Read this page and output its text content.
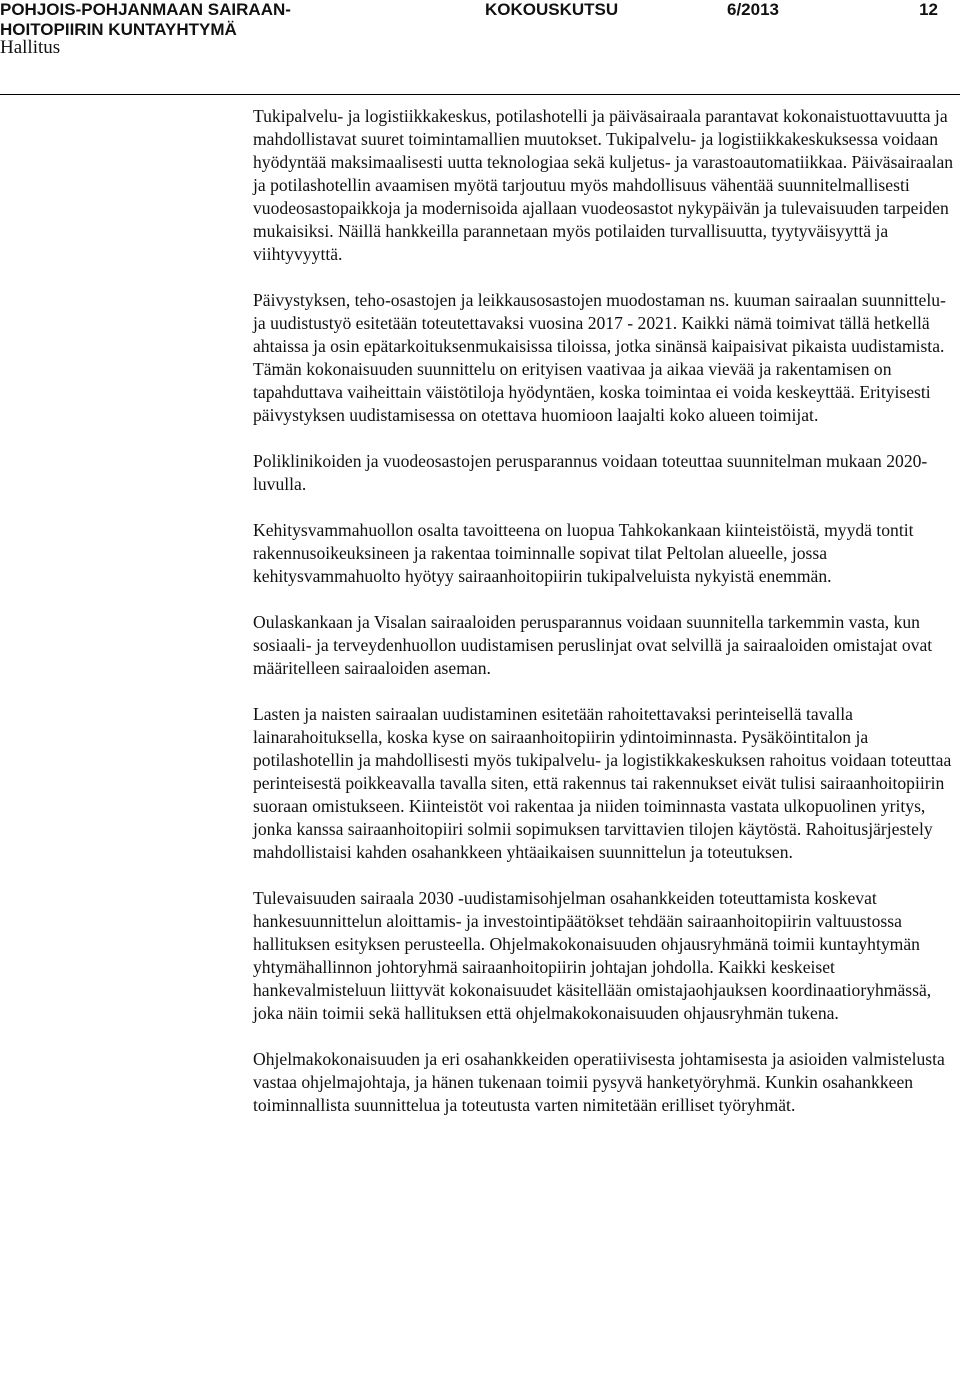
POHJOIS-POHJANMAAN SAIRAAN-
HOITOPIIRIN KUNTAYHTYMÄ
KOKOUSKUTSU	6/2013	12
Hallitus

Tukipalvelu- ja logistiikkakeskus, potilashotelli ja päiväsairaala parantavat kokonaistuottavuutta ja mahdollistavat suuret toimintamallien muutokset. Tukipalvelu- ja logistiikkakeskuksessa voidaan hyödyntää maksimaalisesti uutta teknologiaa sekä kuljetus- ja varastoautomatiikkaa. Päiväsairaalan ja potilashotellin avaamisen myötä tarjoutuu myös mahdollisuus vähentää suunnitelmallisesti vuodeosastopaikkoja ja modernisoida ajallaan vuodeosastot nykypäivän ja tulevaisuuden tarpeiden mukaisiksi. Näillä hankkeilla parannetaan myös potilaiden turvallisuutta, tyytyväisyyttä ja viihtyvyyttä.

Päivystyksen, teho-osastojen ja leikkausosastojen muodostaman ns. kuuman sairaalan suunnittelu- ja uudistustyö esitetään toteutettavaksi vuosina 2017 - 2021. Kaikki nämä toimivat tällä hetkellä ahtaissa ja osin epätarkoituksenmukaisissa tiloissa, jotka sinänsä kaipaisivat pikaista uudistamista. Tämän kokonaisuuden suunnittelu on erityisen vaativaa ja aikaa vievää ja rakentamisen on tapahduttava vaiheittain väistötiloja hyödyntäen, koska toimintaa ei voida keskeyttää. Erityisesti päivystyksen uudistamisessa on otettava huomioon laajalti koko alueen toimijat.

Poliklinikoiden ja vuodeosastojen perusparannus voidaan toteuttaa suunnitelman mukaan 2020-luvulla.

Kehitysvammahuollon osalta tavoitteena on luopua Tahkokankaan kiinteistöistä, myydä tontit rakennusoikeuksineen ja rakentaa toiminnalle sopivat tilat Peltolan alueelle, jossa kehitysvammahuolto hyötyy sairaanhoitopiirin tukipalveluista nykyistä enemmän.

Oulaskankaan ja Visalan sairaaloiden perusparannus voidaan suunnitella tarkemmin vasta, kun sosiaali- ja terveydenhuollon uudistamisen peruslinjat ovat selvillä ja sairaaloiden omistajat ovat määritelleen sairaaloiden aseman.

Lasten ja naisten sairaalan uudistaminen esitetään rahoitettavaksi perinteisellä tavalla lainarahoituksella, koska kyse on sairaanhoitopiirin ydintoiminnasta. Pysäköintitalon ja potilashotellin ja mahdollisesti myös tukipalvelu- ja logistikkakeskuksen rahoitus voidaan toteuttaa perinteisestä poikkeavalla tavalla siten, että rakennus tai rakennukset eivät tulisi sairaanhoitopiirin suoraan omistukseen. Kiinteistöt voi rakentaa ja niiden toiminnasta vastata ulkopuolinen yritys, jonka kanssa sairaanhoitopiiri solmii sopimuksen tarvittavien tilojen käytöstä. Rahoitusjärjestely mahdollistaisi kahden osahankkeen yhtäaikaisen suunnittelun ja toteutuksen.

Tulevaisuuden sairaala 2030 -uudistamisohjelman osahankkeiden toteuttamista koskevat hankesuunnittelun aloittamis- ja investointipäätökset tehdään sairaanhoitopiirin valtuustossa hallituksen esityksen perusteella. Ohjelmakokonaisuuden ohjausryhmänä toimii kuntayhtymän yhtymähallinnon johtoryhmä sairaanhoitopiirin johtajan johdolla. Kaikki keskeiset hankevalmisteluun liittyvät kokonaisuudet käsitellään omistajaohjauksen koordinaatioryhmässä, joka näin toimii sekä hallituksen että ohjelmakokonaisuuden ohjausryhmän tukena.

Ohjelmakokonaisuuden ja eri osahankkeiden operatiivisesta johtamisesta ja asioiden valmistelusta vastaa ohjelmajohtaja, ja hänen tukenaan toimii pysyvä hanketyöryhmä. Kunkin osahankkeen toiminnallista suunnittelua ja toteutusta varten nimitetään erilliset työryhmät.
